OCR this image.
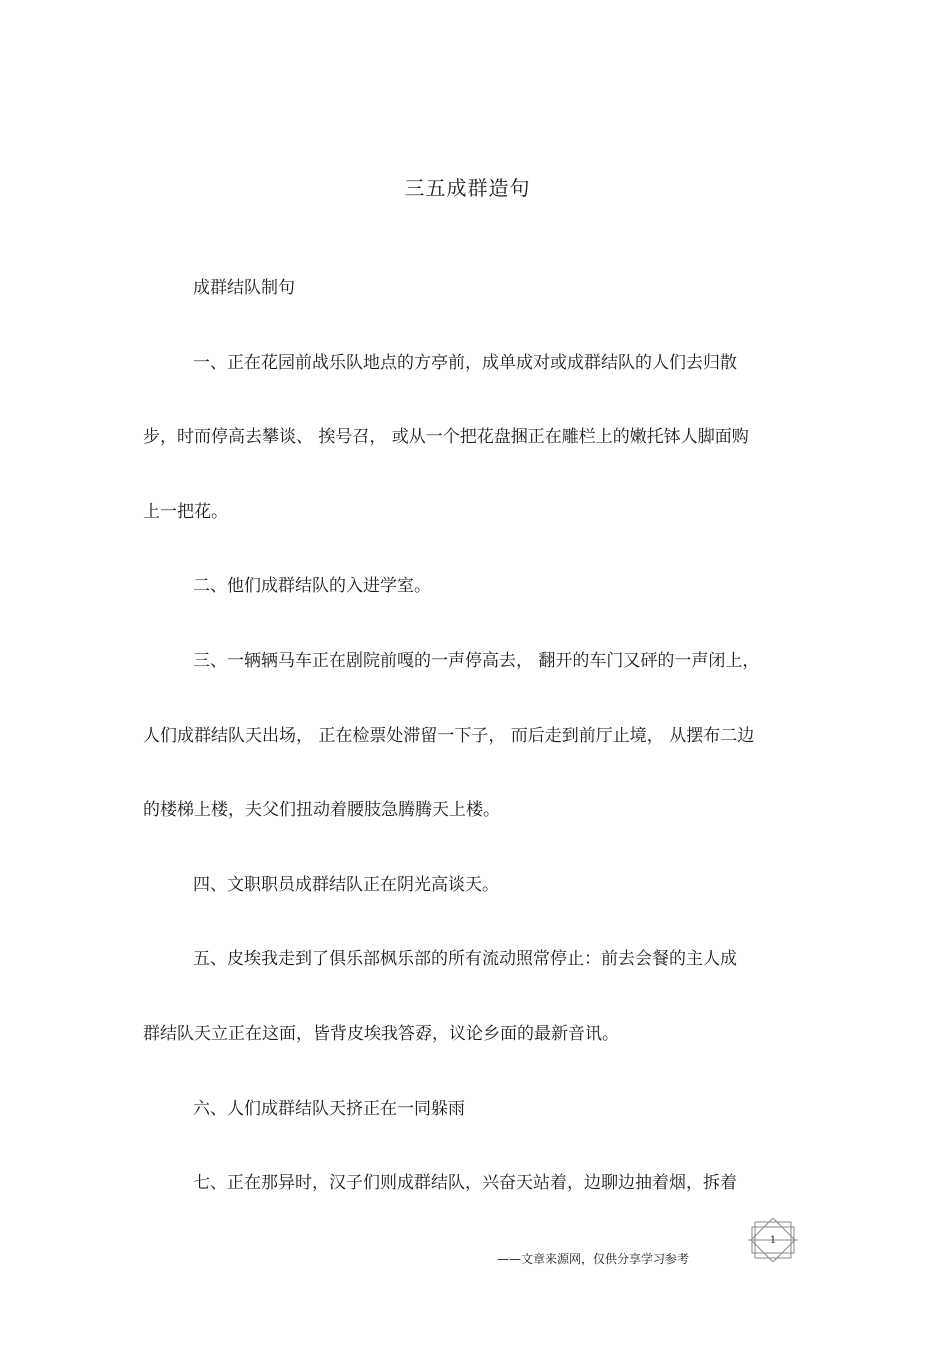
三五成群造句
成群结队制句
一、正在花园前战乐队地点的方亭前，成单成对或成群结队的人们去归散
步，时而停高去攀谈、 挨号召， 或从一个把花盘捆正在雕栏上的嫩托钵人脚面购
上一把花。
二、他们成群结队的入进学室。
三、一辆辆马车正在剧院前嘎的一声停高去， 翻开的车门又砰的一声闭上，
人们成群结队天出场， 正在检票处滞留一下子， 而后走到前厅止境， 从摆布二边
的楼梯上楼，夫父们扭动着腰肢急腾腾天上楼。
四、文职职员成群结队正在阴光高谈天。
五、皮埃我走到了俱乐部枫乐部的所有流动照常停止：前去会餐的主人成
群结队天立正在这面，皆背皮埃我答孬，议论乡面的最新音讯。
六、人们成群结队天挤正在一同躲雨
七、正在那异时，汉子们则成群结队，兴奋天站着，边聊边抽着烟，拆着
——文章来源网，仅供分享学习参考
1
